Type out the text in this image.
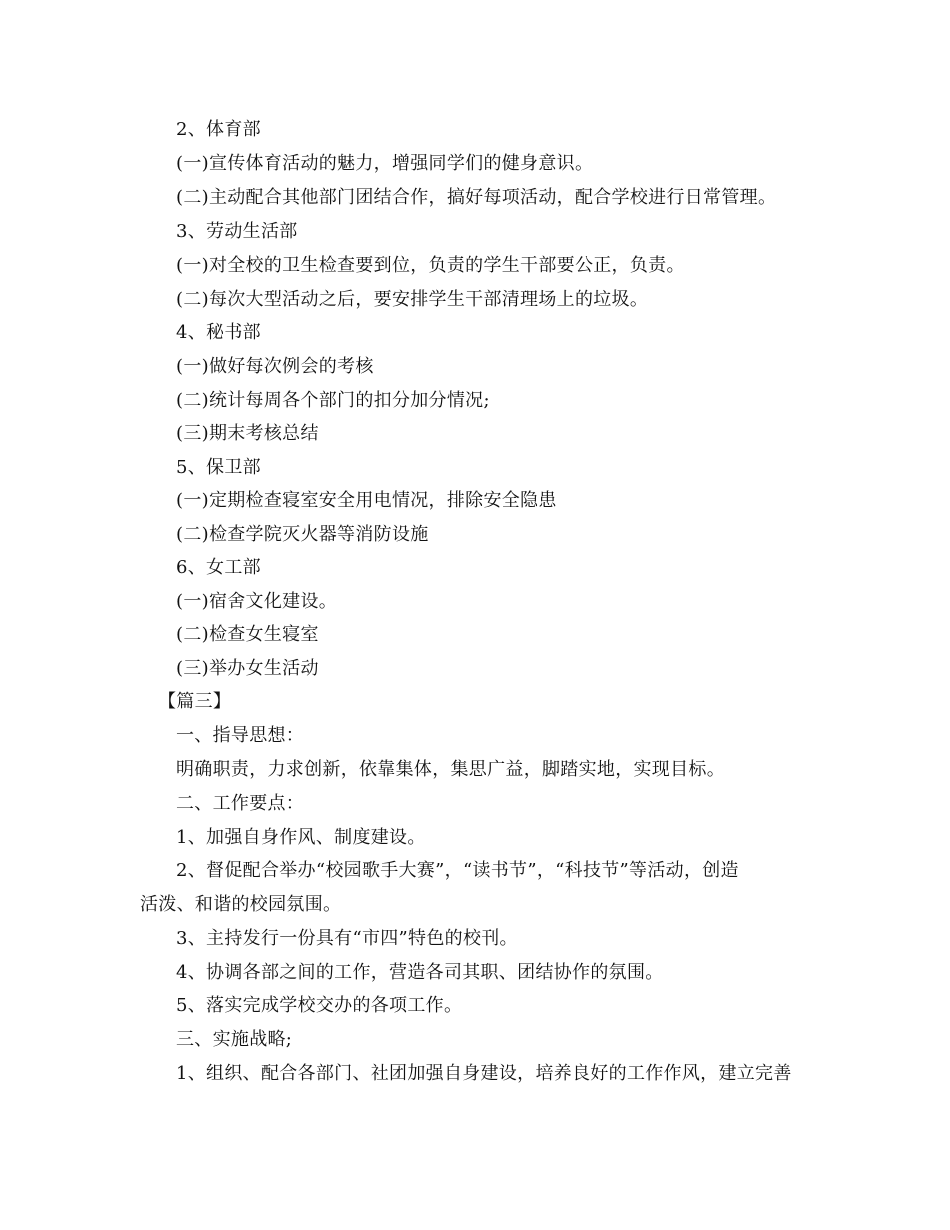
2、体育部
(一)宣传体育活动的魅力，增强同学们的健身意识。
(二)主动配合其他部门团结合作，搞好每项活动，配合学校进行日常管理。
3、劳动生活部
(一)对全校的卫生检查要到位，负责的学生干部要公正，负责。
(二)每次大型活动之后，要安排学生干部清理场上的垃圾。
4、秘书部
(一)做好每次例会的考核
(二)统计每周各个部门的扣分加分情况;
(三)期末考核总结
5、保卫部
(一)定期检查寝室安全用电情况，排除安全隐患
(二)检查学院灭火器等消防设施
6、女工部
(一)宿舍文化建设。
(二)检查女生寝室
(三)举办女生活动
【篇三】
一、指导思想：
明确职责，力求创新，依靠集体，集思广益，脚踏实地，实现目标。
二、工作要点：
1、加强自身作风、制度建设。
2、督促配合举办“校园歌手大赛”，“读书节”，“科技节”等活动，创造
活泼、和谐的校园氛围。
3、主持发行一份具有“市四”特色的校刊。
4、协调各部之间的工作，营造各司其职、团结协作的氛围。
5、落实完成学校交办的各项工作。
三、实施战略;
1、组织、配合各部门、社团加强自身建设，培养良好的工作作风，建立完善
